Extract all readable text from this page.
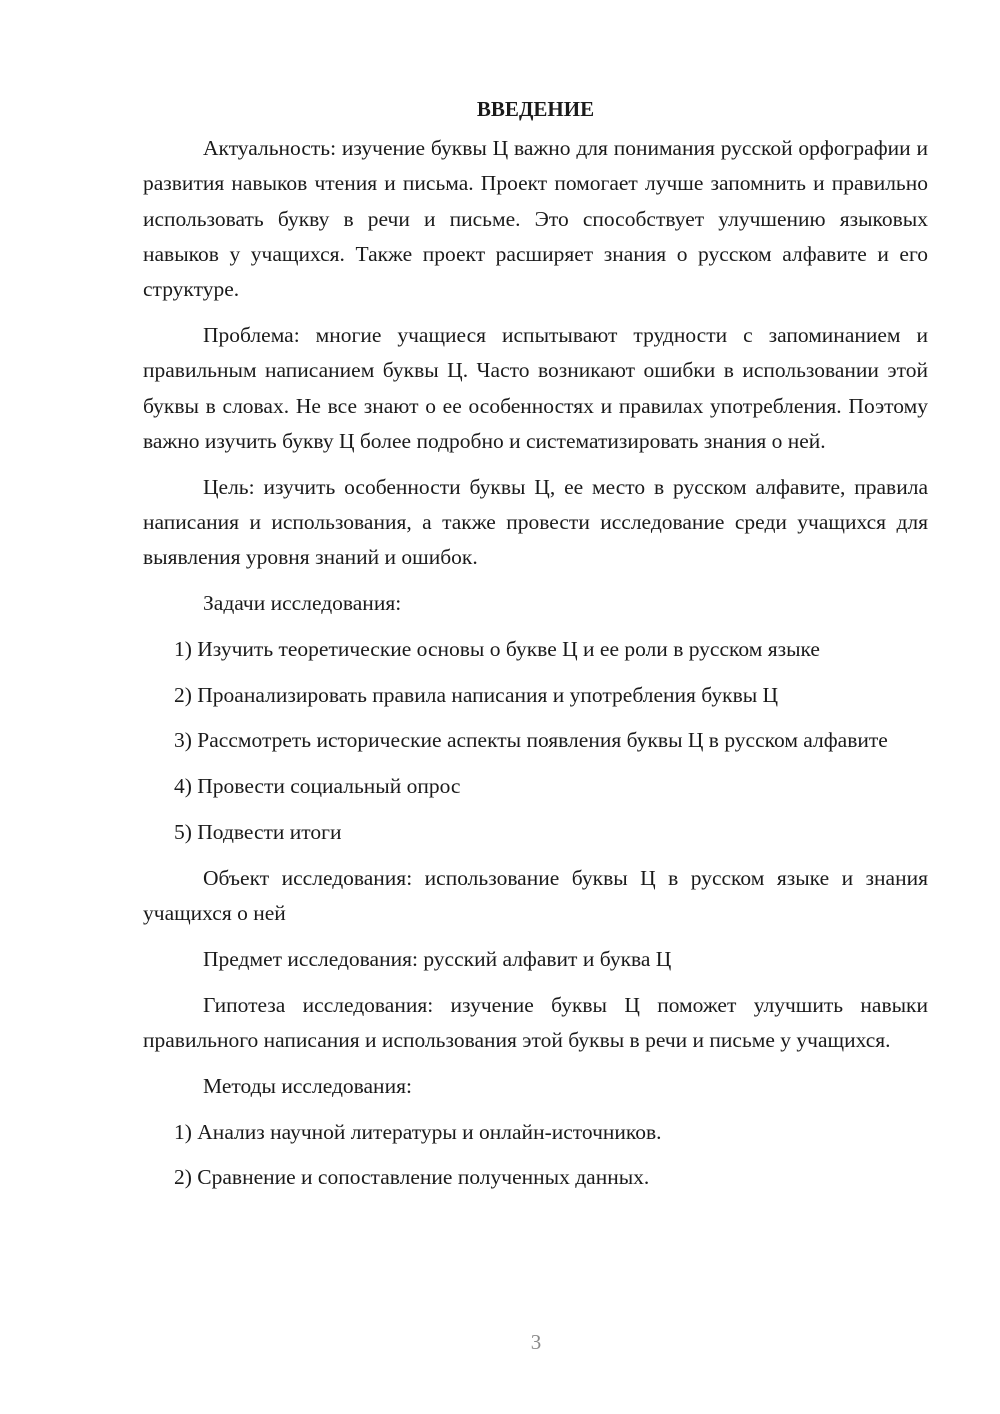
ВВЕДЕНИЕ

Актуальность: изучение буквы Ц важно для понимания русской орфографии и развития навыков чтения и письма. Проект помогает лучше запомнить и правильно использовать букву в речи и письме. Это способствует улучшению языковых навыков у учащихся. Также проект расширяет знания о русском алфавите и его структуре.

Проблема: многие учащиеся испытывают трудности с запоминанием и правильным написанием буквы Ц. Часто возникают ошибки в использовании этой буквы в словах. Не все знают о ее особенностях и правилах употребления. Поэтому важно изучить букву Ц более подробно и систематизировать знания о ней.

Цель: изучить особенности буквы Ц, ее место в русском алфавите, правила написания и использования, а также провести исследование среди учащихся для выявления уровня знаний и ошибок.

Задачи исследования:

1) Изучить теоретические основы о букве Ц и ее роли в русском языке

2) Проанализировать правила написания и употребления буквы Ц

3) Рассмотреть исторические аспекты появления буквы Ц в русском алфавите

4) Провести социальный опрос

5) Подвести итоги

Объект исследования: использование буквы Ц в русском языке и знания учащихся о ней

Предмет исследования: русский алфавит и буква Ц

Гипотеза исследования: изучение буквы Ц поможет улучшить навыки правильного написания и использования этой буквы в речи и письме у учащихся.

Методы исследования:

1) Анализ научной литературы и онлайн-источников.

2) Сравнение и сопоставление полученных данных.

3
